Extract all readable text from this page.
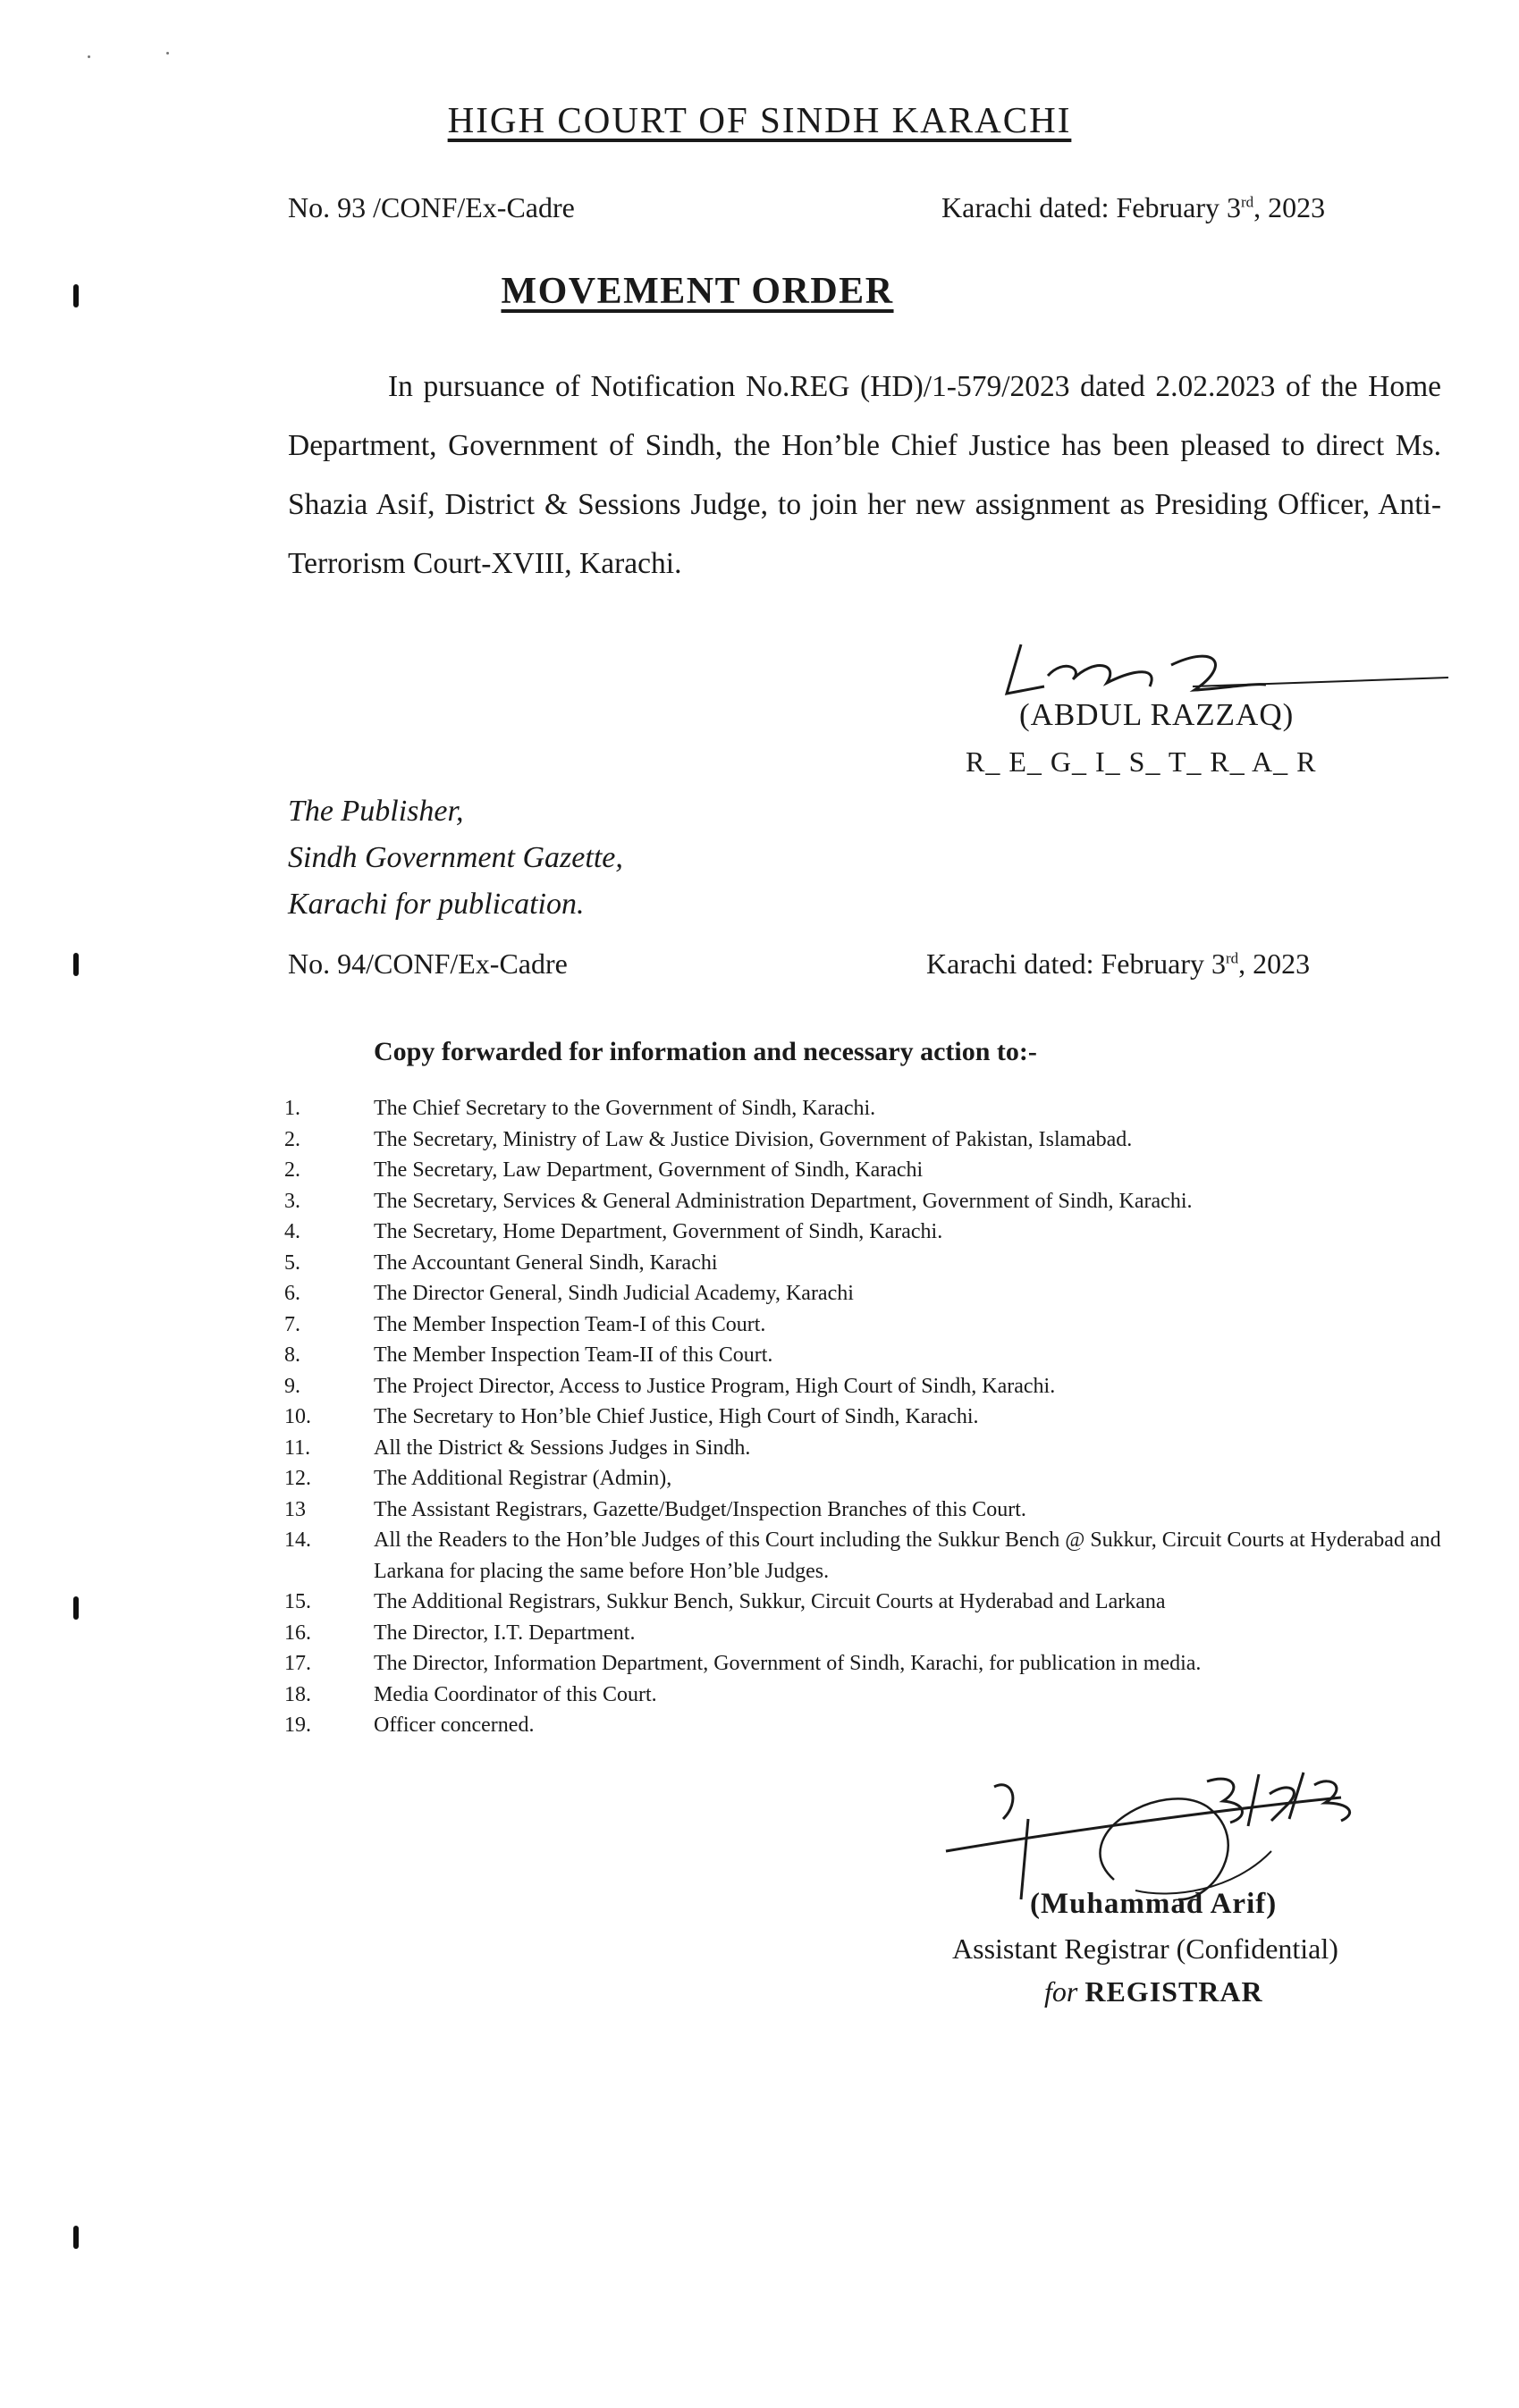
HIGH COURT OF SINDH KARACHI
No. 93 /CONF/Ex-Cadre	Karachi dated: February 3rd, 2023
MOVEMENT ORDER

In pursuance of Notification No.REG (HD)/1-579/2023 dated 2.02.2023 of the Home Department, Government of Sindh, the Hon’ble Chief Justice has been pleased to direct Ms. Shazia Asif, District & Sessions Judge, to join her new assignment as Presiding Officer, Anti-Terrorism Court-XVIII, Karachi.

(ABDUL RAZZAQ)
R_ E_ G_ I_ S_ T_ R_ A_ R
The Publisher,
Sindh Government Gazette,
Karachi for publication.
No. 94/CONF/Ex-Cadre	Karachi dated: February 3rd, 2023
Copy forwarded for information and necessary action to:-
1.	The Chief Secretary to the Government of Sindh, Karachi.
2.	The Secretary, Ministry of Law & Justice Division, Government of Pakistan, Islamabad.
2.	The Secretary, Law Department, Government of Sindh, Karachi
3.	The Secretary, Services & General Administration Department, Government of Sindh, Karachi.
4.	The Secretary, Home Department, Government of Sindh, Karachi.
5.	The Accountant General Sindh, Karachi
6.	The Director General, Sindh Judicial Academy, Karachi
7.	The Member Inspection Team-I of this Court.
8.	The Member Inspection Team-II of this Court.
9.	The Project Director, Access to Justice Program, High Court of Sindh, Karachi.
10.	The Secretary to Hon’ble Chief Justice, High Court of Sindh, Karachi.
11.	All the District & Sessions Judges in Sindh.
12.	The Additional Registrar (Admin),
13	The Assistant Registrars, Gazette/Budget/Inspection Branches of this Court.
14.	All the Readers to the Hon’ble Judges of this Court including the Sukkur Bench @ Sukkur, Circuit Courts at Hyderabad and Larkana for placing the same before Hon’ble Judges.
15.	The Additional Registrars, Sukkur Bench, Sukkur, Circuit Courts at Hyderabad and Larkana
16.	The Director, I.T. Department.
17.	The Director, Information Department, Government of Sindh, Karachi, for publication in media.
18.	Media Coordinator of this Court.
19.	Officer concerned.
(Muhammad Arif)
Assistant Registrar (Confidential)
for REGISTRAR
